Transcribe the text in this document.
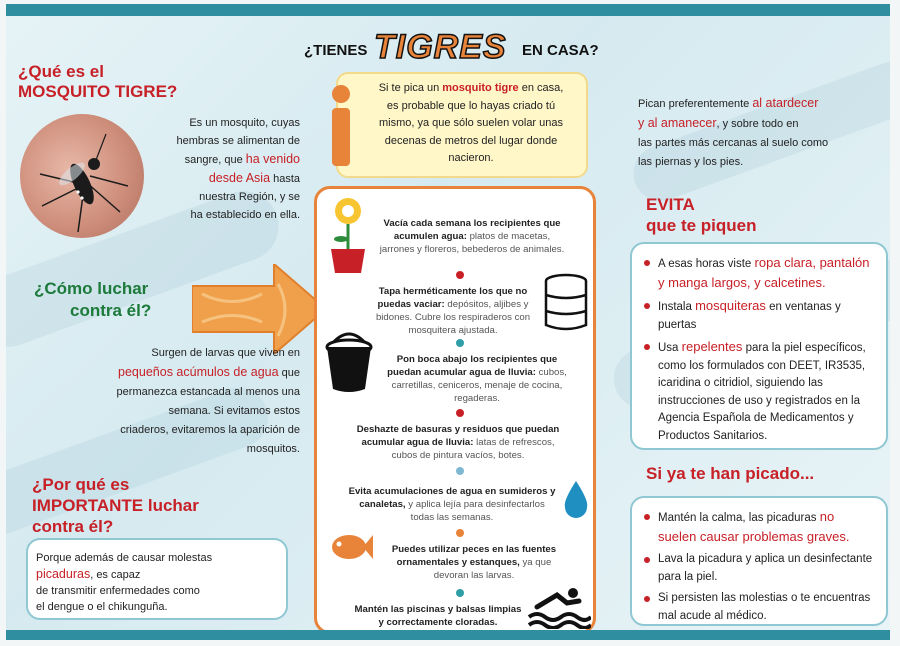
¿TIENES TIGRES EN CASA?
¿Qué es el
MOSQUITO TIGRE?
Es un mosquito, cuyas
hembras se alimentan de
sangre, que ha venido
desde Asia hasta
nuestra Región, y se
ha establecido en ella.
¿Cómo luchar
contra él?
Surgen de larvas que viven en
pequeños acúmulos de agua que
permanezca estancada al menos una
semana. Si evitamos estos
criaderos, evitaremos la aparición de
mosquitos.
¿Por qué es
IMPORTANTE luchar
contra él?
Porque además de causar molestas
picaduras, es capaz
de transmitir enfermedades como
el dengue o el chikunguña.
Si te pica un mosquito tigre en casa,
es probable que lo hayas criado tú
mismo, ya que sólo suelen volar unas
decenas de metros del lugar donde
nacieron.
Vacía cada semana los recipientes que acumulen agua: platos de macetas, jarrones y floreros, bebederos de animales.
Tapa herméticamente los que no puedas vaciar: depósitos, aljibes y bidones. Cubre los respiraderos con mosquitera ajustada.
Pon boca abajo los recipientes que puedan acumular agua de lluvia: cubos, carretillas, ceniceros, menaje de cocina, regaderas.
Deshazte de basuras y residuos que puedan acumular agua de lluvia: latas de refrescos, cubos de pintura vacíos, botes.
Evita acumulaciones de agua en sumideros y canaletas, y aplica lejía para desinfectarlos todas las semanas.
Puedes utilizar peces en las fuentes ornamentales y estanques, ya que devoran las larvas.
Mantén las piscinas y balsas limpias y correctamente cloradas.
Pican preferentemente al atardecer
y al amanecer, y sobre todo en
las partes más cercanas al suelo como
las piernas y los pies.
EVITA
que te piquen
A esas horas viste ropa clara, pantalón y manga largos, y calcetines.
Instala mosquiteras en ventanas y puertas
Usa repelentes para la piel específicos, como los formulados con DEET, IR3535, icaridina o citridiol, siguiendo las instrucciones de uso y registrados en la Agencia Española de Medicamentos y Productos Sanitarios.
Si ya te han picado...
Mantén la calma, las picaduras no suelen causar problemas graves.
Lava la picadura y aplica un desinfectante para la piel.
Si persisten las molestias o te encuentras mal acude al médico.
